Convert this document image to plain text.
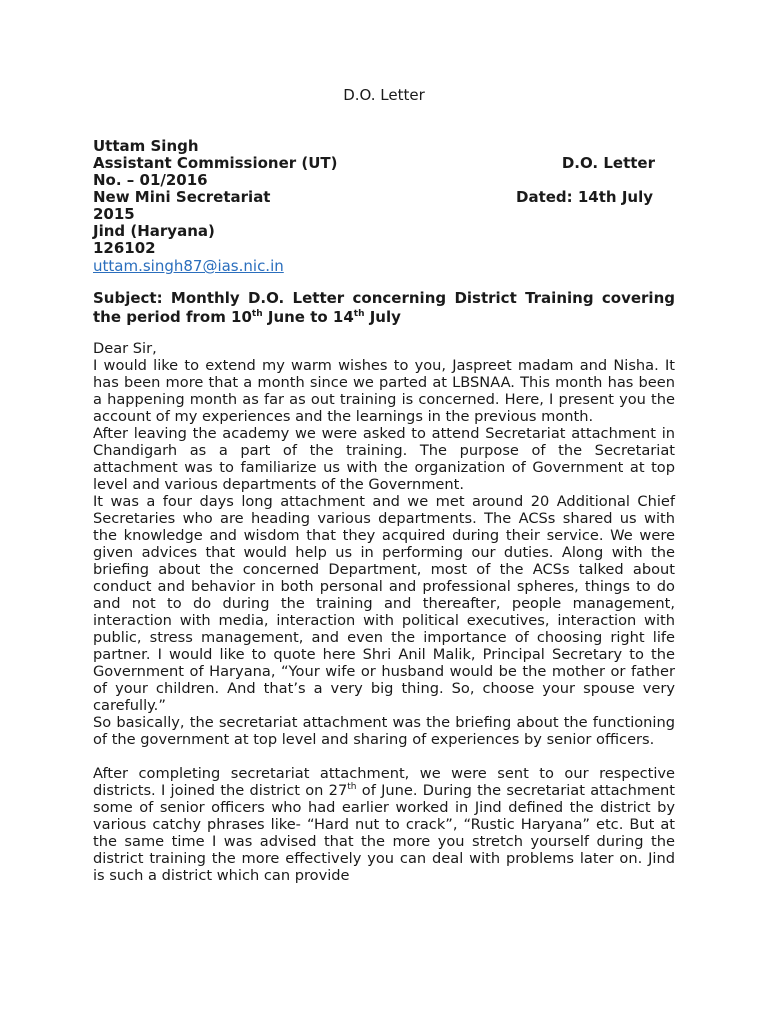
D.O. Letter
Uttam Singh
Assistant Commissioner (UT)	D.O. Letter
No. – 01/2016
New Mini Secretariat	Dated: 14th July
2015
Jind (Haryana)
126102
uttam.singh87@ias.nic.in
Subject: Monthly D.O. Letter concerning District Training covering the period from 10th June to 14th July

Dear Sir,

I would like to extend my warm wishes to you, Jaspreet madam and Nisha. It has been more that a month since we parted at LBSNAA. This month has been a happening month as far as out training is concerned. Here, I present you the account of my experiences and the learnings in the previous month.

After leaving the academy we were asked to attend Secretariat attachment in Chandigarh as a part of the training. The purpose of the Secretariat attachment was to familiarize us with the organization of Government at top level and various departments of the Government.

It was a four days long attachment and we met around 20 Additional Chief Secretaries who are heading various departments. The ACSs shared us with the knowledge and wisdom that they acquired during their service. We were given advices that would help us in performing our duties. Along with the briefing about the concerned Department, most of the ACSs talked about conduct and behavior in both personal and professional spheres, things to do and not to do during the training and thereafter, people management, interaction with media, interaction with political executives, interaction with public, stress management, and even the importance of choosing right life partner. I would like to quote here Shri Anil Malik, Principal Secretary to the Government of Haryana, “Your wife or husband would be the mother or father of your children. And that’s a very big thing. So, choose your spouse very carefully.”

So basically, the secretariat attachment was the briefing about the functioning of the government at top level and sharing of experiences by senior officers.

After completing secretariat attachment, we were sent to our respective districts. I joined the district on 27th of June. During the secretariat attachment some of senior officers who had earlier worked in Jind defined the district by various catchy phrases like- “Hard nut to crack”, “Rustic Haryana” etc. But at the same time I was advised that the more you stretch yourself during the district training the more effectively you can deal with problems later on. Jind is such a district which can provide
